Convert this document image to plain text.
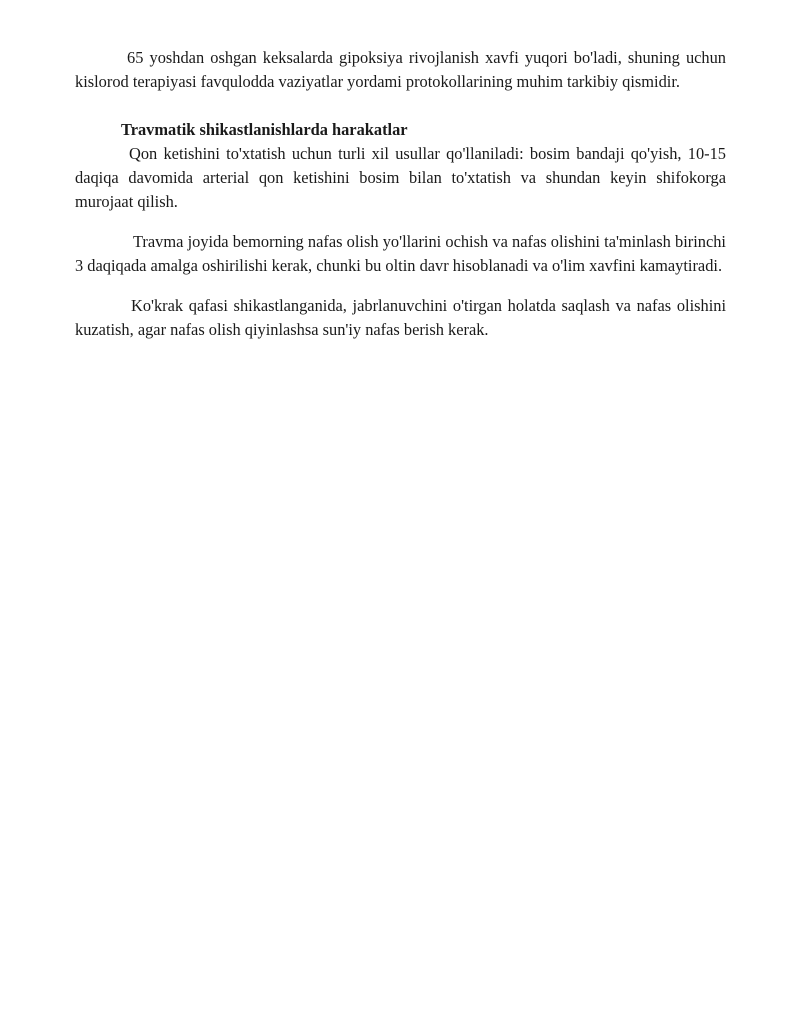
65 yoshdan oshgan keksalarda gipoksiya rivojlanish xavfi yuqori bo'ladi, shuning uchun kislorod terapiyasi favqulodda vaziyatlar yordami protokollarining muhim tarkibiy qismidir.

Travmatik shikastlanishlarda harakatlar

Qon ketishini to'xtatish uchun turli xil usullar qo'llaniladi: bosim bandaji qo'yish, 10-15 daqiqa davomida arterial qon ketishini bosim bilan to'xtatish va shundan keyin shifokorga murojaat qilish.

Travma joyida bemorning nafas olish yo'llarini ochish va nafas olishini ta'minlash birinchi 3 daqiqada amalga oshirilishi kerak, chunki bu oltin davr hisoblanadi va o'lim xavfini kamaytiradi.

Ko'krak qafasi shikastlanganida, jabrlanuvchini o'tirgan holatda saqlash va nafas olishini kuzatish, agar nafas olish qiyinlashsa sun'iy nafas berish kerak.
